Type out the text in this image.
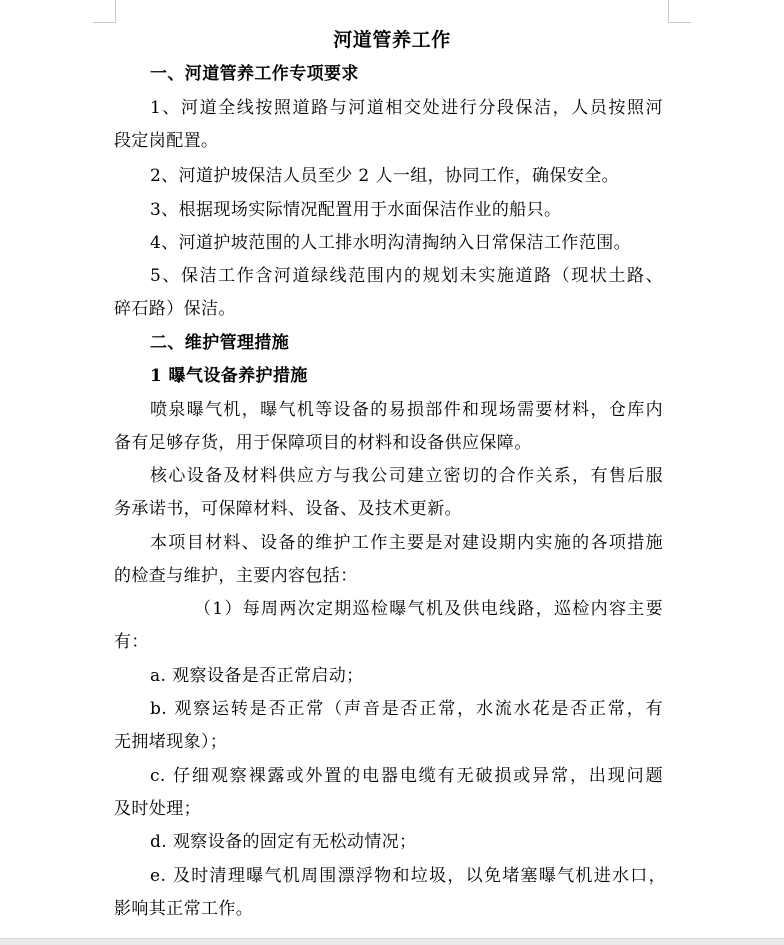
河道管养工作
一、河道管养工作专项要求
1、河道全线按照道路与河道相交处进行分段保洁，人员按照河
段定岗配置。
2、河道护坡保洁人员至少 2 人一组，协同工作，确保安全。
3、根据现场实际情况配置用于水面保洁作业的船只。
4、河道护坡范围的人工排水明沟清掏纳入日常保洁工作范围。
5、保洁工作含河道绿线范围内的规划未实施道路（现状土路、
碎石路）保洁。
二、维护管理措施
1 曝气设备养护措施
喷泉曝气机，曝气机等设备的易损部件和现场需要材料，仓库内
备有足够存货，用于保障项目的材料和设备供应保障。
核心设备及材料供应方与我公司建立密切的合作关系，有售后服
务承诺书，可保障材料、设备、及技术更新。
本项目材料、设备的维护工作主要是对建设期内实施的各项措施
的检查与维护，主要内容包括：
（1）每周两次定期巡检曝气机及供电线路，巡检内容主要
有：
a. 观察设备是否正常启动；
b. 观察运转是否正常（声音是否正常，水流水花是否正常，有
无拥堵现象）；
c. 仔细观察裸露或外置的电器电缆有无破损或异常，出现问题
及时处理；
d. 观察设备的固定有无松动情况；
e. 及时清理曝气机周围漂浮物和垃圾，以免堵塞曝气机进水口，
影响其正常工作。
